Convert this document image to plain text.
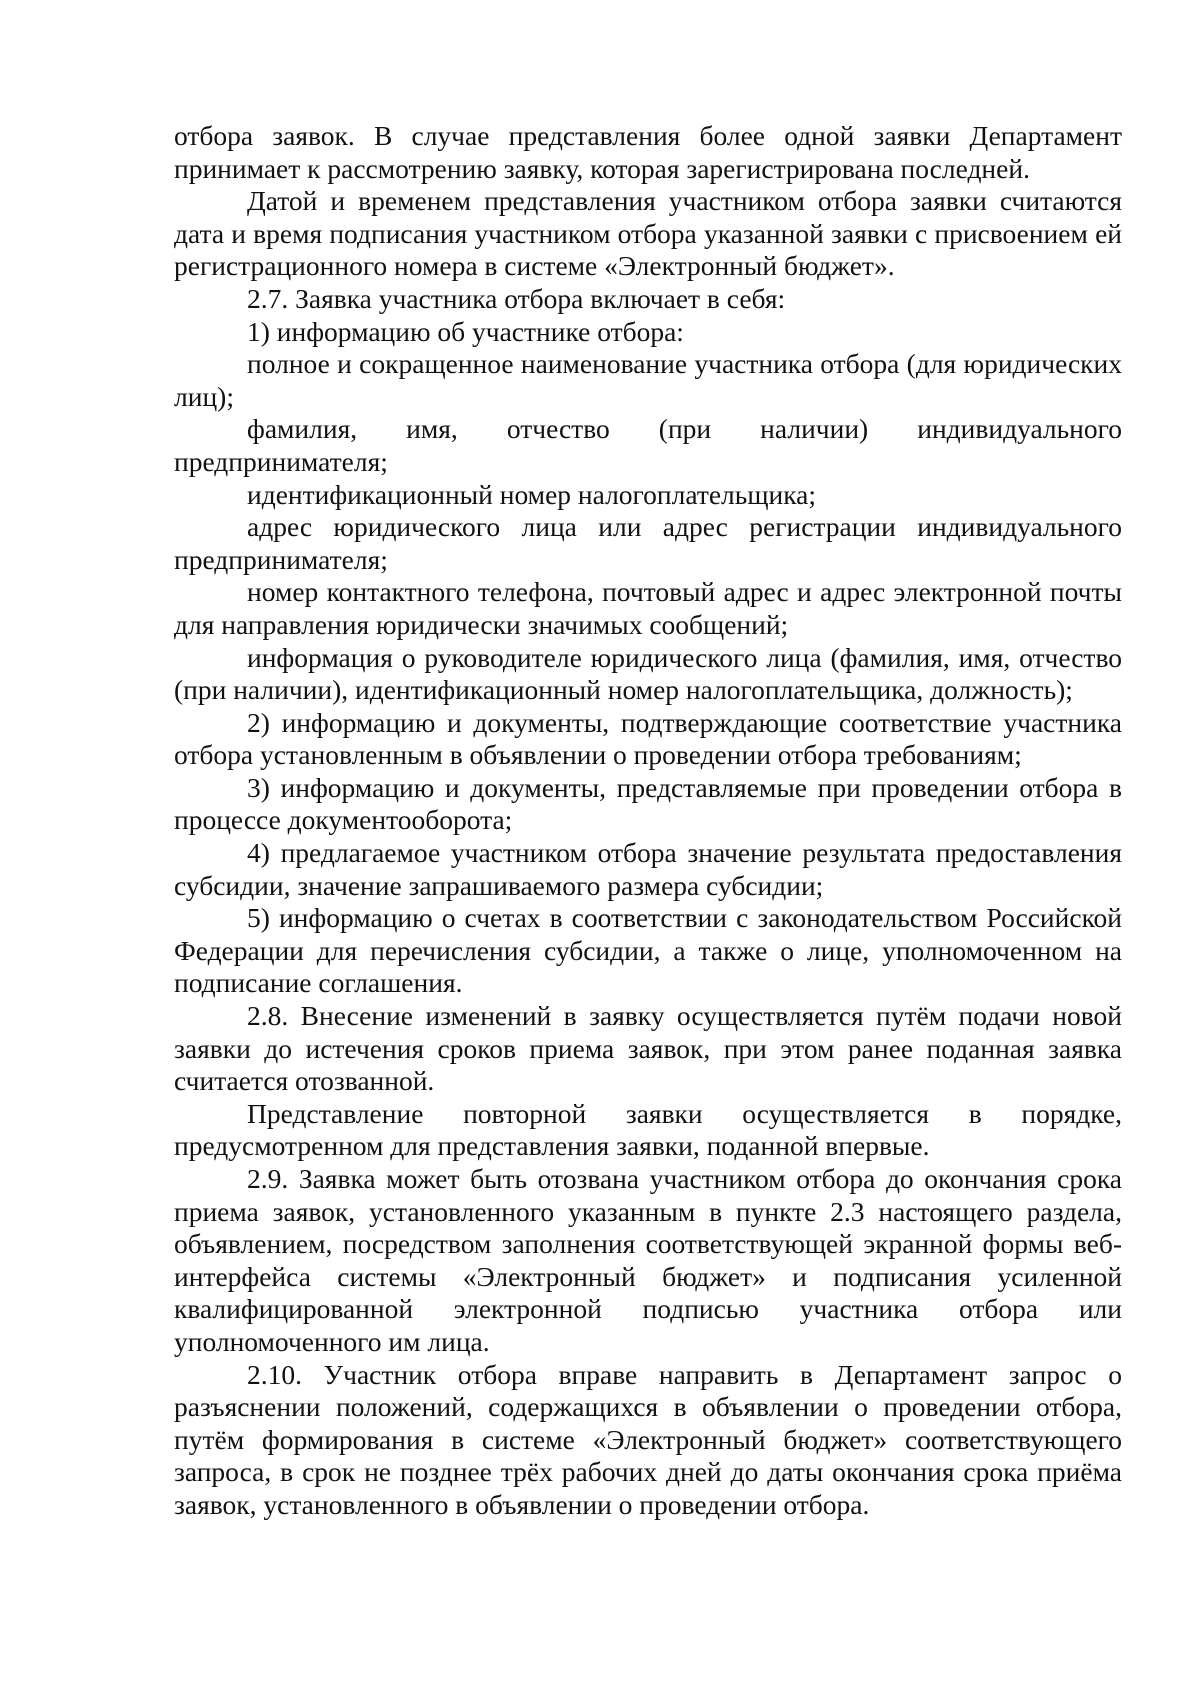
отбора заявок. В случае представления более одной заявки Департамент принимает к рассмотрению заявку, которая зарегистрирована последней.

Датой и временем представления участником отбора заявки считаются дата и время подписания участником отбора указанной заявки с присвоением ей регистрационного номера в системе «Электронный бюджет».

2.7. Заявка участника отбора включает в себя:

1) информацию об участнике отбора:

полное и сокращенное наименование участника отбора (для юридических лиц);

фамилия, имя, отчество (при наличии) индивидуального предпринимателя;

идентификационный номер налогоплательщика;

адрес юридического лица или адрес регистрации индивидуального предпринимателя;

номер контактного телефона, почтовый адрес и адрес электронной почты для направления юридически значимых сообщений;

информация о руководителе юридического лица (фамилия, имя, отчество (при наличии), идентификационный номер налогоплательщика, должность);

2) информацию и документы, подтверждающие соответствие участника отбора установленным в объявлении о проведении отбора требованиям;

3) информацию и документы, представляемые при проведении отбора в процессе документооборота;

4) предлагаемое участником отбора значение результата предоставления субсидии, значение запрашиваемого размера субсидии;

5) информацию о счетах в соответствии с законодательством Российской Федерации для перечисления субсидии, а также о лице, уполномоченном на подписание соглашения.

2.8. Внесение изменений в заявку осуществляется путём подачи новой заявки до истечения сроков приема заявок, при этом ранее поданная заявка считается отозванной.

Представление повторной заявки осуществляется в порядке, предусмотренном для представления заявки, поданной впервые.

2.9. Заявка может быть отозвана участником отбора до окончания срока приема заявок, установленного указанным в пункте 2.3 настоящего раздела, объявлением, посредством заполнения соответствующей экранной формы веб-интерфейса системы «Электронный бюджет» и подписания усиленной квалифицированной электронной подписью участника отбора или уполномоченного им лица.

2.10. Участник отбора вправе направить в Департамент запрос о разъяснении положений, содержащихся в объявлении о проведении отбора, путём формирования в системе «Электронный бюджет» соответствующего запроса, в срок не позднее трёх рабочих дней до даты окончания срока приёма заявок, установленного в объявлении о проведении отбора.
